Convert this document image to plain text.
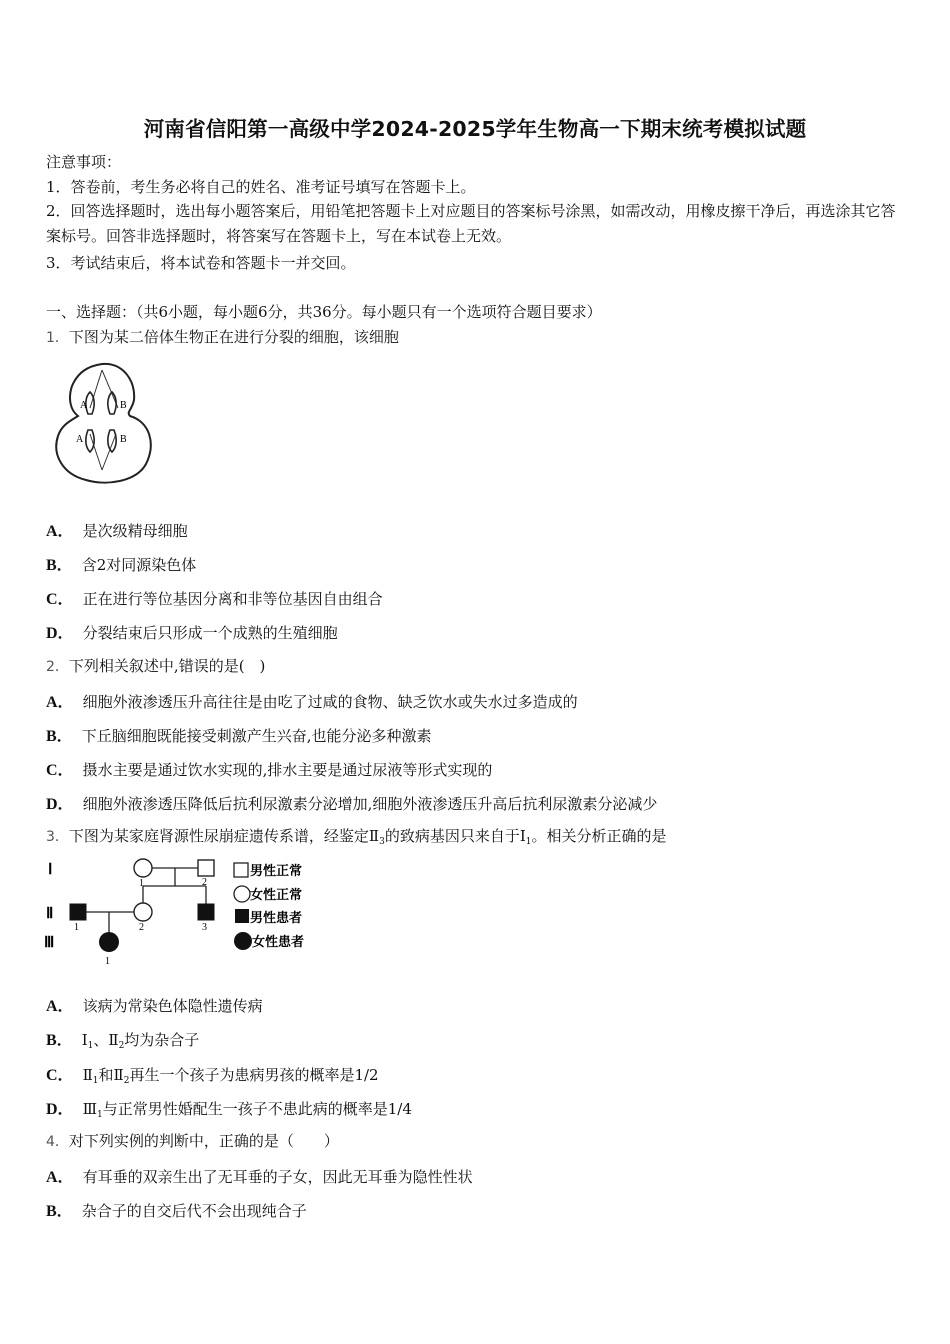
河南省信阳第一高级中学2024-2025学年生物高一下期末统考模拟试题
注意事项：
1．答卷前，考生务必将自己的姓名、准考证号填写在答题卡上。
2．回答选择题时，选出每小题答案后，用铅笔把答题卡上对应题目的答案标号涂黑，如需改动，用橡皮擦干净后，再选涂其它答案标号。回答非选择题时，将答案写在答题卡上，写在本试卷上无效。
3．考试结束后，将本试卷和答题卡一并交回。
一、选择题：（共6小题，每小题6分，共36分。每小题只有一个选项符合题目要求）
1．下图为某二倍体生物正在进行分裂的细胞，该细胞
A	B
A	B
A． 是次级精母细胞
B． 含2对同源染色体
C． 正在进行等位基因分离和非等位基因自由组合
D． 分裂结束后只形成一个成熟的生殖细胞
2．下列相关叙述中,错误的是(　)
A． 细胞外液渗透压升高往往是由吃了过咸的食物、缺乏饮水或失水过多造成的
B． 下丘脑细胞既能接受刺激产生兴奋,也能分泌多种激素
C． 摄水主要是通过饮水实现的,排水主要是通过尿液等形式实现的
D． 细胞外液渗透压降低后抗利尿激素分泌增加,细胞外液渗透压升高后抗利尿激素分泌减少
3．下图为某家庭肾源性尿崩症遗传系谱，经鉴定$Ⅱ_3$的致病基因只来自于$Ⅰ_1$。相关分析正确的是
Ⅰ
Ⅱ
Ⅲ
1	2
1	2	3
1
男性正常
女性正常
男性患者
女性患者
A． 该病为常染色体隐性遗传病
B． $Ⅰ_1$、$Ⅱ_2$均为杂合子
C． $Ⅱ_1$和$Ⅱ_2$再生一个孩子为患病男孩的概率是1/2
D． $Ⅲ_1$与正常男性婚配生一孩子不患此病的概率是1/4
4．对下列实例的判断中，正确的是（　　）
A． 有耳垂的双亲生出了无耳垂的子女，因此无耳垂为隐性性状
B． 杂合子的自交后代不会出现纯合子
